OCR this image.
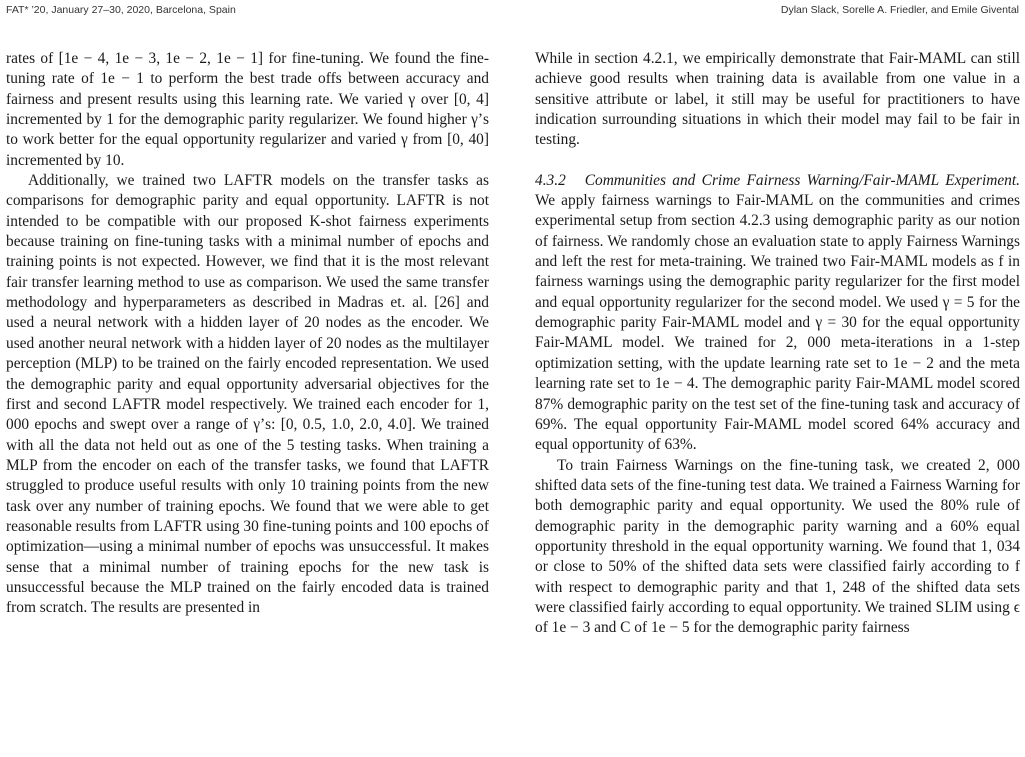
FAT* ’20, January 27–30, 2020, Barcelona, Spain	Dylan Slack, Sorelle A. Friedler, and Emile Givental

rates of [1e − 4, 1e − 3, 1e − 2, 1e − 1] for fine-tuning. We found the fine-tuning rate of 1e − 1 to perform the best trade offs between accuracy and fairness and present results using this learning rate. We varied γ over [0, 4] incremented by 1 for the demographic parity regularizer. We found higher γ’s to work better for the equal opportunity regularizer and varied γ from [0, 40] incremented by 10.

Additionally, we trained two LAFTR models on the transfer tasks as comparisons for demographic parity and equal opportunity. LAFTR is not intended to be compatible with our proposed K-shot fairness experiments because training on fine-tuning tasks with a minimal number of epochs and training points is not expected. However, we find that it is the most relevant fair transfer learning method to use as comparison. We used the same transfer methodology and hyperparameters as described in Madras et. al. [26] and used a neural network with a hidden layer of 20 nodes as the encoder. We used another neural network with a hidden layer of 20 nodes as the multilayer perception (MLP) to be trained on the fairly encoded representation. We used the demographic parity and equal opportunity adversarial objectives for the first and second LAFTR model respectively. We trained each encoder for 1, 000 epochs and swept over a range of γ’s: [0, 0.5, 1.0, 2.0, 4.0]. We trained with all the data not held out as one of the 5 testing tasks. When training a MLP from the encoder on each of the transfer tasks, we found that LAFTR struggled to produce useful results with only 10 training points from the new task over any number of training epochs. We found that we were able to get reasonable results from LAFTR using 30 fine-tuning points and 100 epochs of optimization—using a minimal number of epochs was unsuccessful. It makes sense that a minimal number of training epochs for the new task is unsuccessful because the MLP trained on the fairly encoded data is trained from scratch. The results are presented in

While in section 4.2.1, we empirically demonstrate that Fair-MAML can still achieve good results when training data is available from one value in a sensitive attribute or label, it still may be useful for practitioners to have indication surrounding situations in which their model may fail to be fair in testing.

4.3.2 Communities and Crime Fairness Warning/Fair-MAML Experiment. We apply fairness warnings to Fair-MAML on the communities and crimes experimental setup from section 4.2.3 using demographic parity as our notion of fairness. We randomly chose an evaluation state to apply Fairness Warnings and left the rest for meta-training. We trained two Fair-MAML models as f in fairness warnings using the demographic parity regularizer for the first model and equal opportunity regularizer for the second model. We used γ = 5 for the demographic parity Fair-MAML model and γ = 30 for the equal opportunity Fair-MAML model. We trained for 2, 000 meta-iterations in a 1-step optimization setting, with the update learning rate set to 1e − 2 and the meta learning rate set to 1e − 4. The demographic parity Fair-MAML model scored 87% demographic parity on the test set of the fine-tuning task and accuracy of 69%. The equal opportunity Fair-MAML model scored 64% accuracy and equal opportunity of 63%.

To train Fairness Warnings on the fine-tuning task, we created 2, 000 shifted data sets of the fine-tuning test data. We trained a Fairness Warning for both demographic parity and equal opportunity. We used the 80% rule of demographic parity in the demographic parity warning and a 60% equal opportunity threshold in the equal opportunity warning. We found that 1, 034 or close to 50% of the shifted data sets were classified fairly according to f with respect to demographic parity and that 1, 248 of the shifted data sets were classified fairly according to equal opportunity. We trained SLIM using ϵ of 1e − 3 and C of 1e − 5 for the demographic parity fairness
